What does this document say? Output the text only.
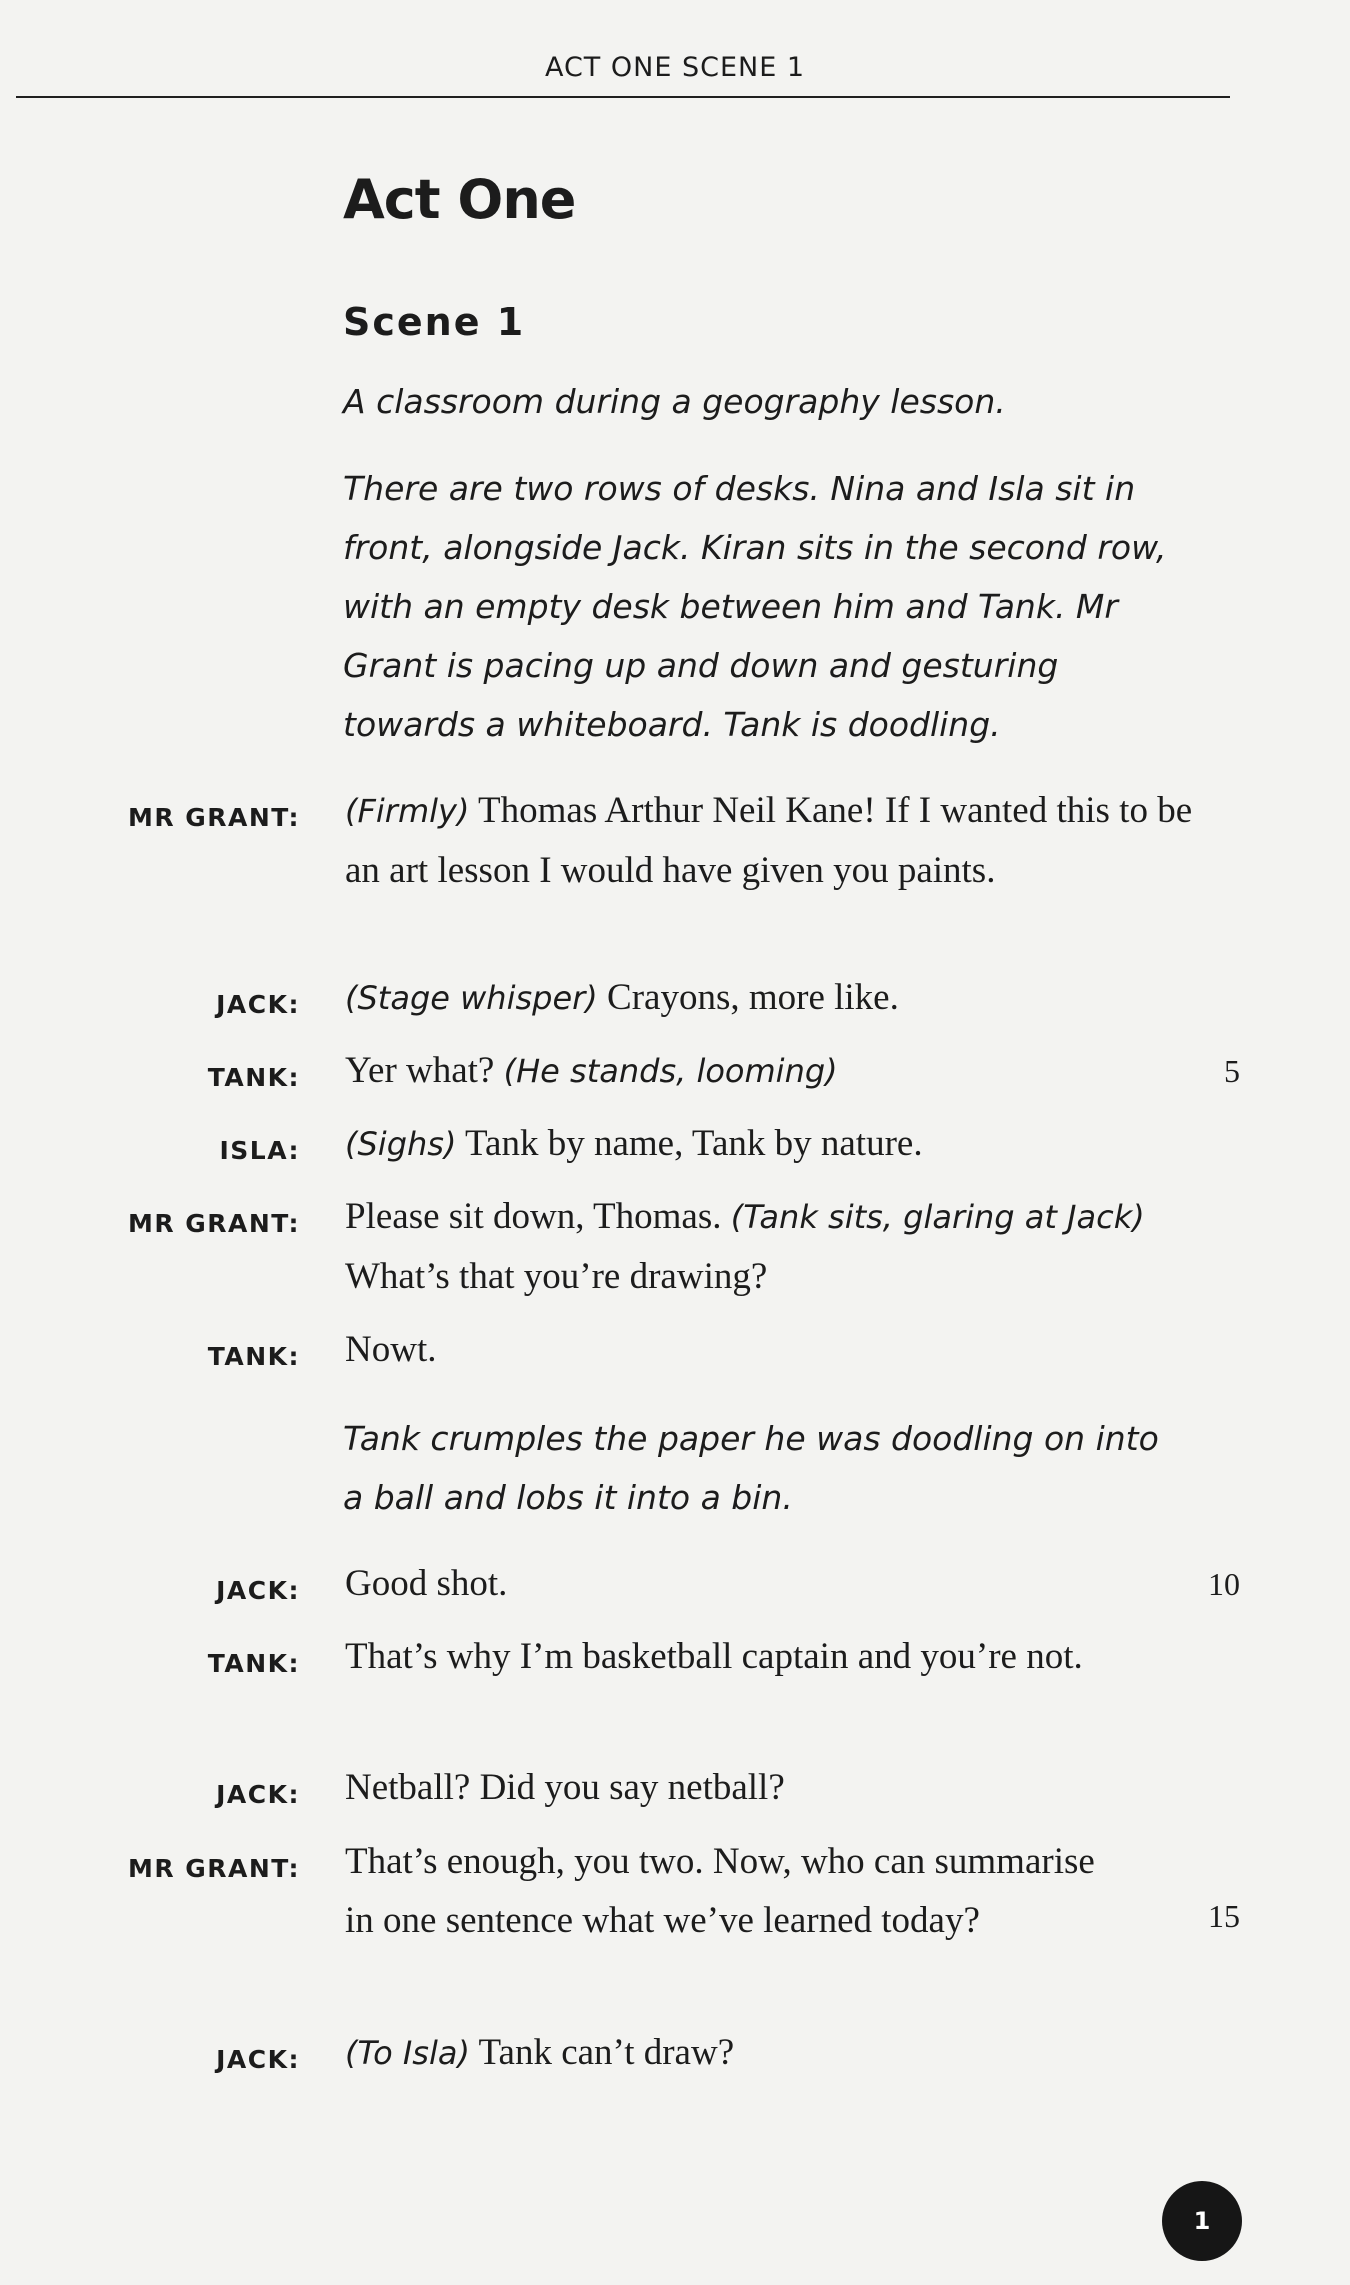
ACT ONE SCENE 1
Act One
Scene 1
A classroom during a geography lesson.
There are two rows of desks. Nina and Isla sit in front, alongside Jack. Kiran sits in the second row, with an empty desk between him and Tank. Mr Grant is pacing up and down and gesturing towards a whiteboard. Tank is doodling.
MR GRANT: (Firmly) Thomas Arthur Neil Kane! If I wanted this to be an art lesson I would have given you paints.
JACK: (Stage whisper) Crayons, more like.
TANK: Yer what? (He stands, looming)	5
ISLA: (Sighs) Tank by name, Tank by nature.
MR GRANT: Please sit down, Thomas. (Tank sits, glaring at Jack) What’s that you’re drawing?
TANK: Nowt.
Tank crumples the paper he was doodling on into a ball and lobs it into a bin.
JACK: Good shot.	10
TANK: That’s why I’m basketball captain and you’re not.
JACK: Netball? Did you say netball?
MR GRANT: That’s enough, you two. Now, who can summarise in one sentence what we’ve learned today?	15
JACK: (To Isla) Tank can’t draw?
1
